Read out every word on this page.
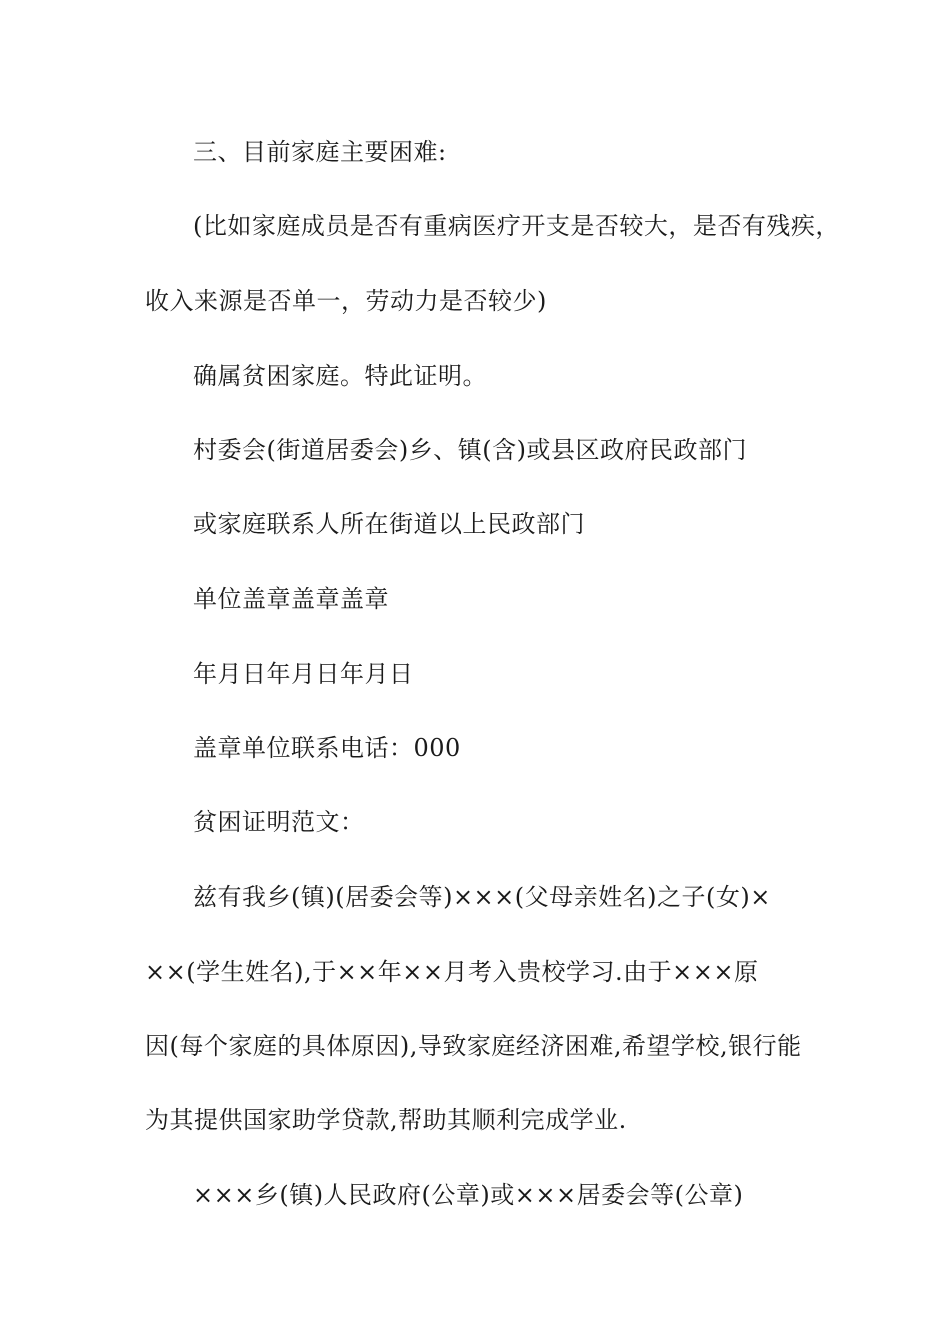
三、目前家庭主要困难:
(比如家庭成员是否有重病医疗开支是否较大，是否有残疾，
收入来源是否单一，劳动力是否较少)
确属贫困家庭。特此证明。
村委会(街道居委会)乡、镇(含)或县区政府民政部门
或家庭联系人所在街道以上民政部门
单位盖章盖章盖章
年月日年月日年月日
盖章单位联系电话：000
贫困证明范文：
兹有我乡(镇)(居委会等)×××(父母亲姓名)之子(女)×
××(学生姓名),于××年××月考入贵校学习.由于×××原
因(每个家庭的具体原因),导致家庭经济困难,希望学校,银行能
为其提供国家助学贷款,帮助其顺利完成学业.
×××乡(镇)人民政府(公章)或×××居委会等(公章)
